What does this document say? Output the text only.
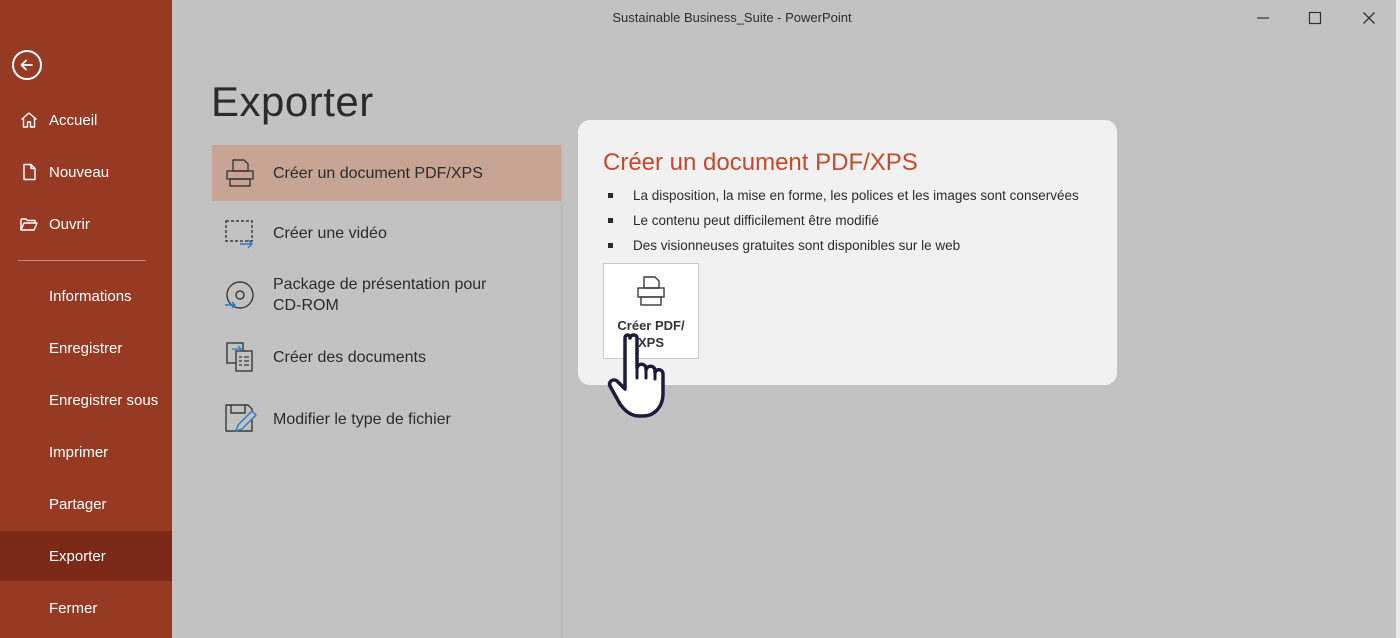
Accueil
Nouveau
Ouvrir
Informations
Enregistrer
Enregistrer sous
Imprimer
Partager
Exporter
Fermer
Sustainable Business_Suite - PowerPoint
Exporter
Créer un document PDF/XPS
Créer une vidéo
Package de présentation pour
CD-ROM
Créer des documents
Modifier le type de fichier
Créer un document PDF/XPS
La disposition, la mise en forme, les polices et les images sont conservées
Le contenu peut difficilement être modifié
Des visionneuses gratuites sont disponibles sur le web
Créer PDF/
XPS
